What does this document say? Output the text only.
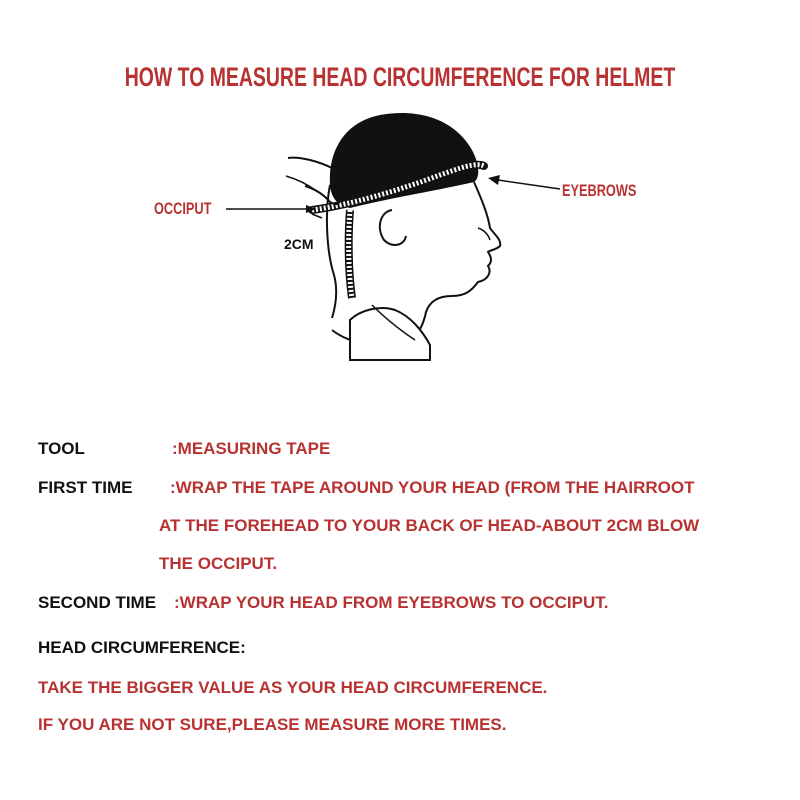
HOW TO MEASURE HEAD CIRCUMFERENCE FOR HELMET
OCCIPUT
EYEBROWS
2CM
TOOL	:MEASURING TAPE
FIRST TIME :WRAP THE TAPE AROUND YOUR HEAD (FROM THE HAIRROOT
AT THE FOREHEAD TO YOUR BACK OF HEAD-ABOUT 2CM BLOW
THE OCCIPUT.
SECOND TIME :WRAP YOUR HEAD FROM EYEBROWS TO OCCIPUT.
HEAD CIRCUMFERENCE:
TAKE THE BIGGER VALUE AS YOUR HEAD CIRCUMFERENCE.
IF YOU ARE NOT SURE,PLEASE MEASURE MORE TIMES.
